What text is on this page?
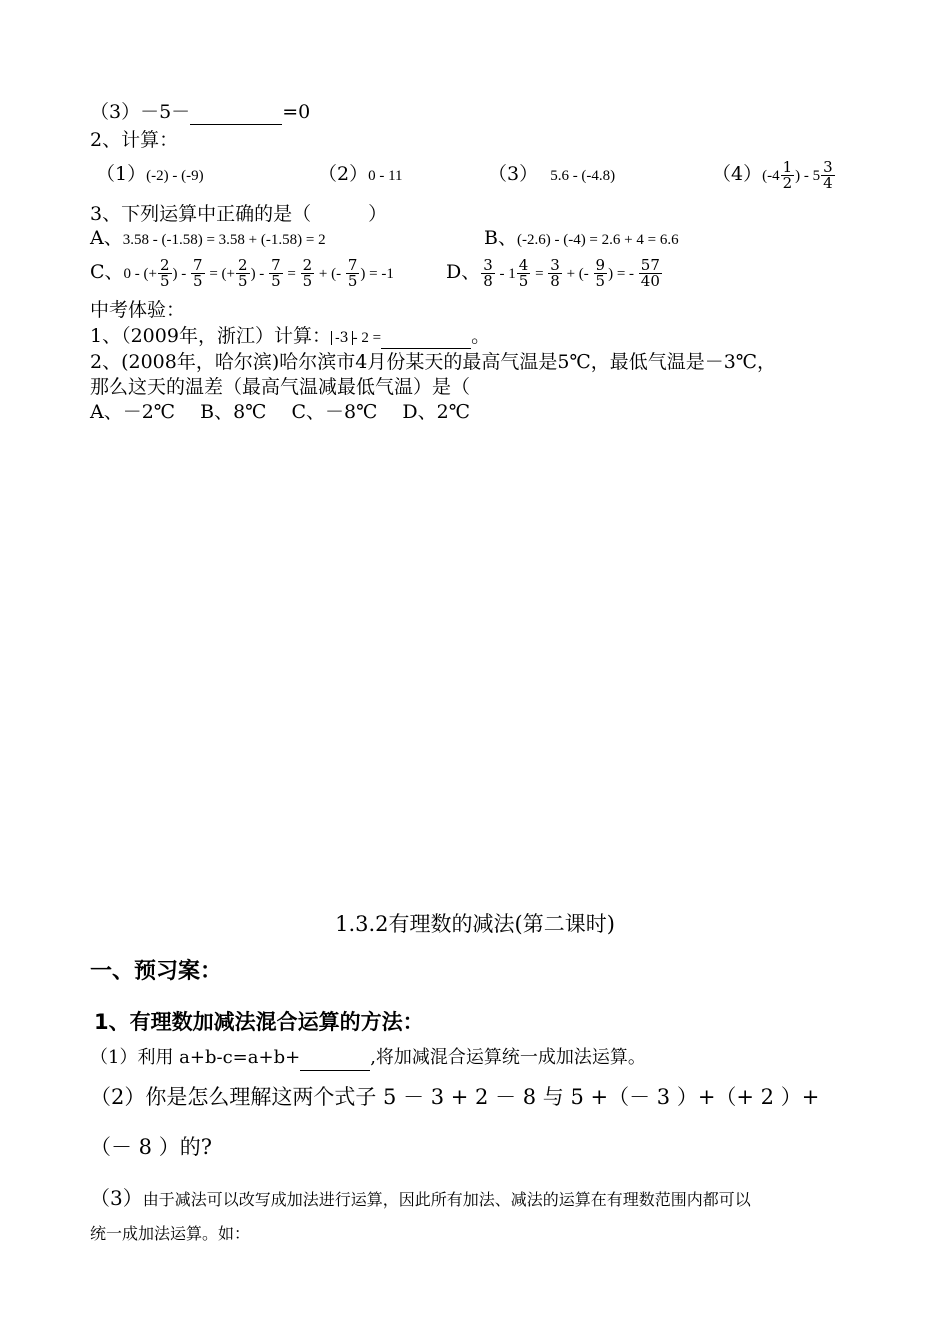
（3）－5－	=0
2、计算：
（1）(-2) - (-9)	（2）0 - 11	（3） 5.6 - (-4.8)	$(4)(-4 \frac{1}{2}$ ) - $5 \frac{3}{4}$
3、下列运算中正确的是（　　　）
A、3.58 - (-1.58) = 3.58 + (-1.58) = 2	B、(-2.6) - (-4) = 2.6 + 4 = 6.6
C、0 - (+ $\frac{2}{5}$ ) - $\frac{7}{5}$ = (+ $\frac{2}{5}$ ) - $\frac{7}{5} = \frac{2}{5}$ + (- $\frac{7}{5}$ ) = -1	D、 $\frac{3}{8} - 1 \frac{4}{5} = \frac{3}{8}$ + (- $\frac{9}{5}$ ) = - $\frac{57}{40}$
中考体验：
1、（2009年，浙江）计算： -3 - 2 =	。
2、(2008年，哈尔滨)哈尔滨市4月份某天的最高气温是5℃，最低气温是－3℃，
那么这天的温差（最高气温减最低气温）是（
A、－2℃　 B、8℃　 C、－8℃　 D、2℃
1.3.2有理数的减法(第二课时)
一、预习案：
1、有理数加减法混合运算的方法：
（1）利用 a+b-c=a+b+	,将加减混合运算统一成加法运算。
（2）你是怎么理解这两个式子 5 － 3 + 2 － 8 与 5 +（－ 3 ）+（+ 2 ）+
（－ 8 ）的?
（3）由于减法可以改写成加法进行运算，因此所有加法、减法的运算在有理数范围内都可以
统一成加法运算。如：
